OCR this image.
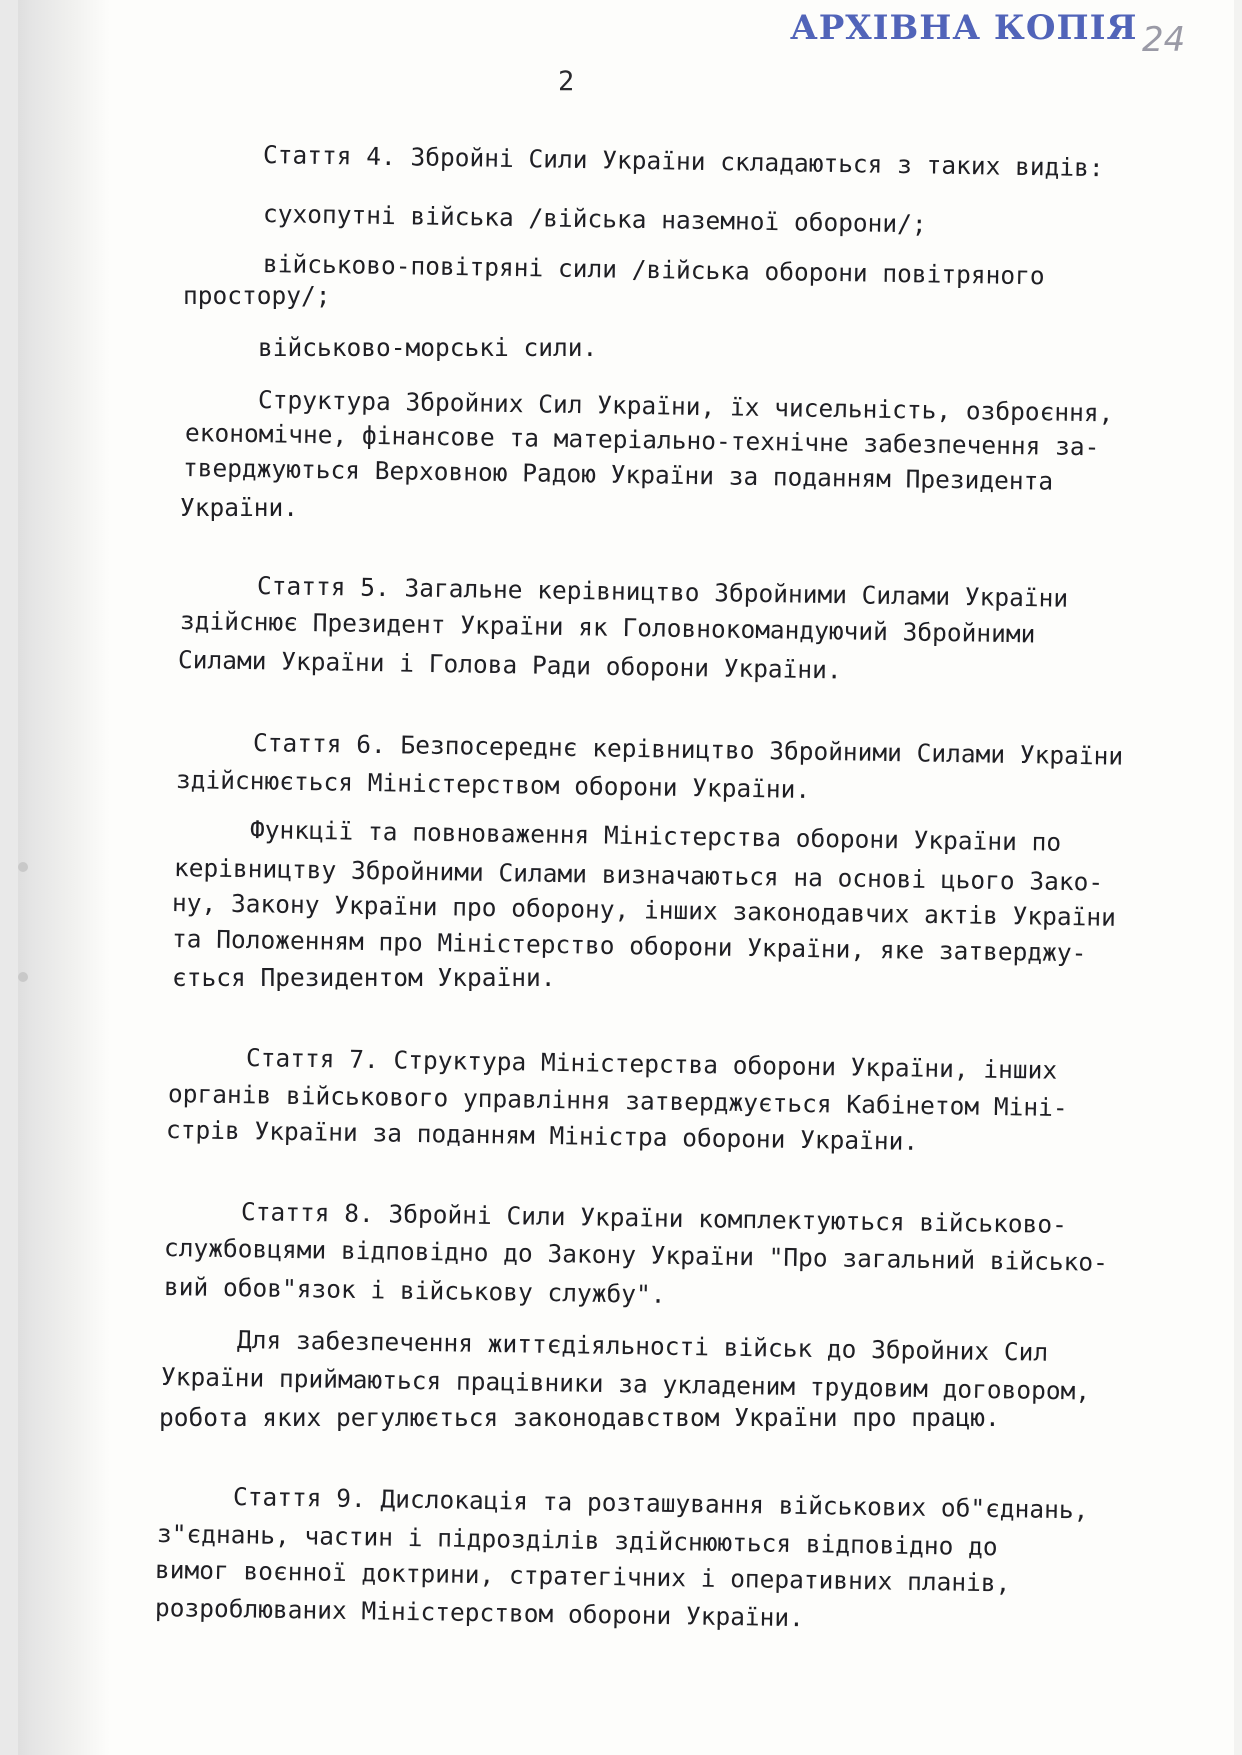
АРХІВНА КОПІЯ 24
2
Стаття 4. Збройні Сили України складаються з таких видів:
сухопутні війська /війська наземної оборони/;
військово-повітряні сили /війська оборони повітряного
простору/;
військово-морські сили.
Структура Збройних Сил України, їх чисельність, озброєння,
економічне, фінансове та матеріально-технічне забезпечення за-
тверджуються Верховною Радою України за поданням Президента
України.
Стаття 5. Загальне керівництво Збройними Силами України
здійснює Президент України як Головнокомандуючий Збройними
Силами України і Голова Ради оборони України.
Стаття 6. Безпосереднє керівництво Збройними Силами України
здійснюється Міністерством оборони України.
Функції та повноваження Міністерства оборони України по
керівництву Збройними Силами визначаються на основі цього Зако-
ну, Закону України про оборону, інших законодавчих актів України
та Положенням про Міністерство оборони України, яке затверджу-
ється Президентом України.
Стаття 7. Структура Міністерства оборони України, інших
органів військового управління затверджується Кабінетом Міні-
стрів України за поданням Міністра оборони України.
Стаття 8. Збройні Сили України комплектуються військово-
службовцями відповідно до Закону України "Про загальний військо-
вий обов"язок і військову службу".
Для забезпечення життєдіяльності військ до Збройних Сил
України приймаються працівники за укладеним трудовим договором,
робота яких регулюється законодавством України про працю.
Стаття 9. Дислокація та розташування військових об"єднань,
з"єднань, частин і підрозділів здійснюються відповідно до
вимог воєнної доктрини, стратегічних і оперативних планів,
розроблюваних Міністерством оборони України.
